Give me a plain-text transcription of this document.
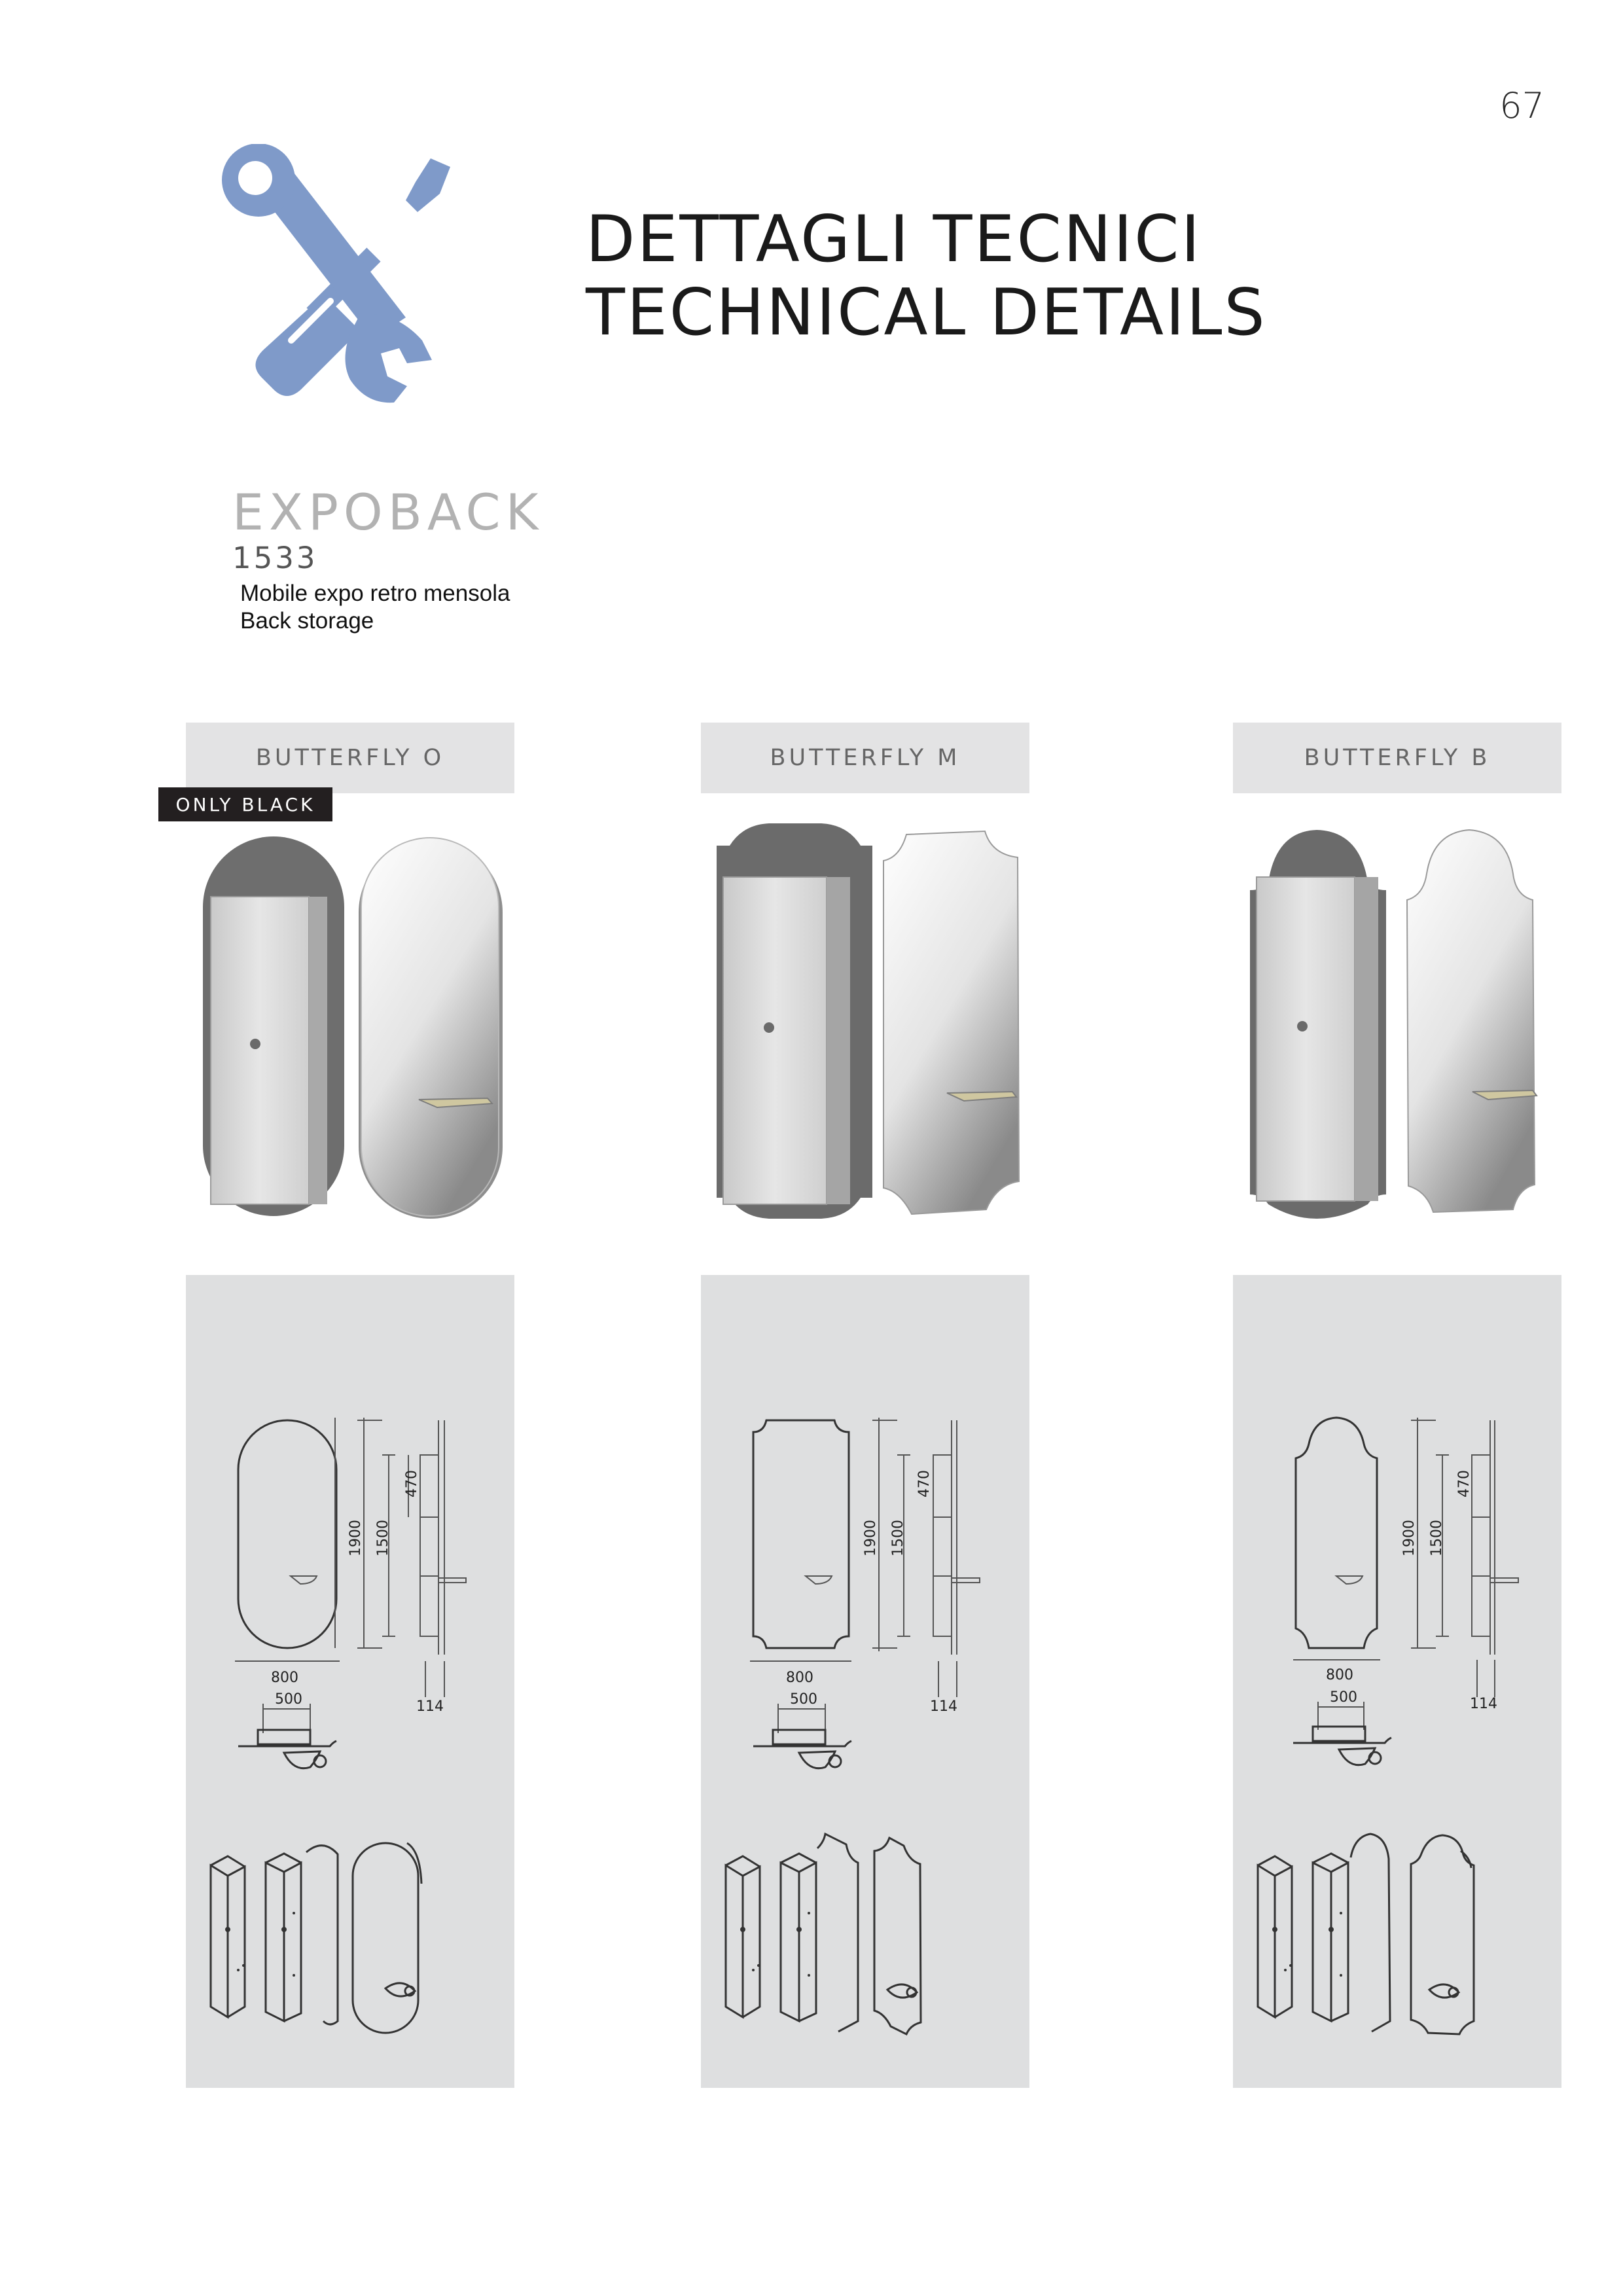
67
DETTAGLI TECNICI
TECHNICAL DETAILS
EXPOBACK
1533
Mobile expo retro mensola
Back storage
BUTTERFLY O	BUTTERFLY M	BUTTERFLY B
ONLY BLACK
1900 1500
470
800
500	114
1900 1500
470
800
500	114
1900 1500
470
800
500	114
